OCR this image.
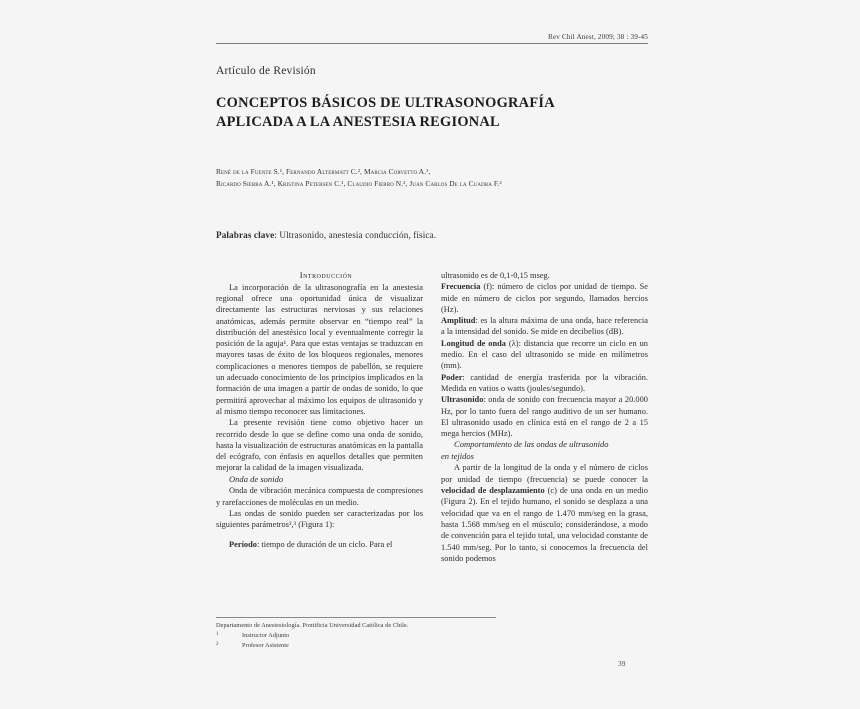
Rev Chil Anest, 2009; 38 : 39-45
Artículo de Revisión
CONCEPTOS BÁSICOS DE ULTRASONOGRAFÍA
APLICADA A LA ANESTESIA REGIONAL
René de la Fuente S.¹, Fernando Altermatt C.², Marcia Corvetto A.¹,
Ricardo Sierra A.¹, Kristina Petersen C.¹, Claudio Fierro N.², Juan Carlos De la Cuadra F.²
Palabras clave: Ultrasonido, anestesia conducción, física.

Introducción

La incorporación de la ultrasonografía en la anestesia regional ofrece una oportunidad única de visualizar directamente las estructuras nerviosas y sus relaciones anatómicas, además permite observar en “tiempo real” la distribución del anestésico local y eventualmente corregir la posición de la aguja¹. Para que estas ventajas se traduzcan en mayores tasas de éxito de los bloqueos regionales, menores complicaciones o menores tiempos de pabellón, se requiere un adecuado conocimiento de los principios implicados en la formación de una imagen a partir de ondas de sonido, lo que permitirá aprovechar al máximo los equipos de ultrasonido y al mismo tiempo reconocer sus limitaciones.

La presente revisión tiene como objetivo hacer un recorrido desde lo que se define como una onda de sonido, hasta la visualización de estructuras anatómicas en la pantalla del ecógrafo, con énfasis en aquellos detalles que permiten mejorar la calidad de la imagen visualizada.

Onda de sonido

Onda de vibración mecánica compuesta de compresiones y rarefacciones de moléculas en un medio.

Las ondas de sonido pueden ser caracterizadas por los siguientes parámetros²,³ (Figura 1):

Período: tiempo de duración de un ciclo. Para el

ultrasonido es de 0,1-0,15 mseg.

Frecuencia (f): número de ciclos por unidad de tiempo. Se mide en número de ciclos por segundo, llamados hercios (Hz).

Amplitud: es la altura máxima de una onda, hace referencia a la intensidad del sonido. Se mide en decibelios (dB).

Longitud de onda (λ): distancia que recorre un ciclo en un medio. En el caso del ultrasonido se mide en milímetros (mm).

Poder: cantidad de energía trasferida por la vibración. Medida en vatios o watts (joules/segundo).

Ultrasonido: onda de sonido con frecuencia mayor a 20.000 Hz, por lo tanto fuera del rango auditivo de un ser humano. El ultrasonido usado en clínica está en el rango de 2 a 15 mega hercios (MHz).

Comportamiento de las ondas de ultrasonido
en tejidos

A partir de la longitud de la onda y el número de ciclos por unidad de tiempo (frecuencia) se puede conocer la velocidad de desplazamiento (c) de una onda en un medio (Figura 2). En el tejido humano, el sonido se desplaza a una velocidad que va en el rango de 1.470 mm/seg en la grasa, hasta 1.568 mm/seg en el músculo; considerándose, a modo de convención para el tejido total, una velocidad constante de 1.540 mm/seg. Por lo tanto, si conocemos la frecuencia del sonido podemos

Departamento de Anestesiología. Pontificia Universidad Católica de Chile.
1	Instructor Adjunto
2	Profesor Asistente
39
